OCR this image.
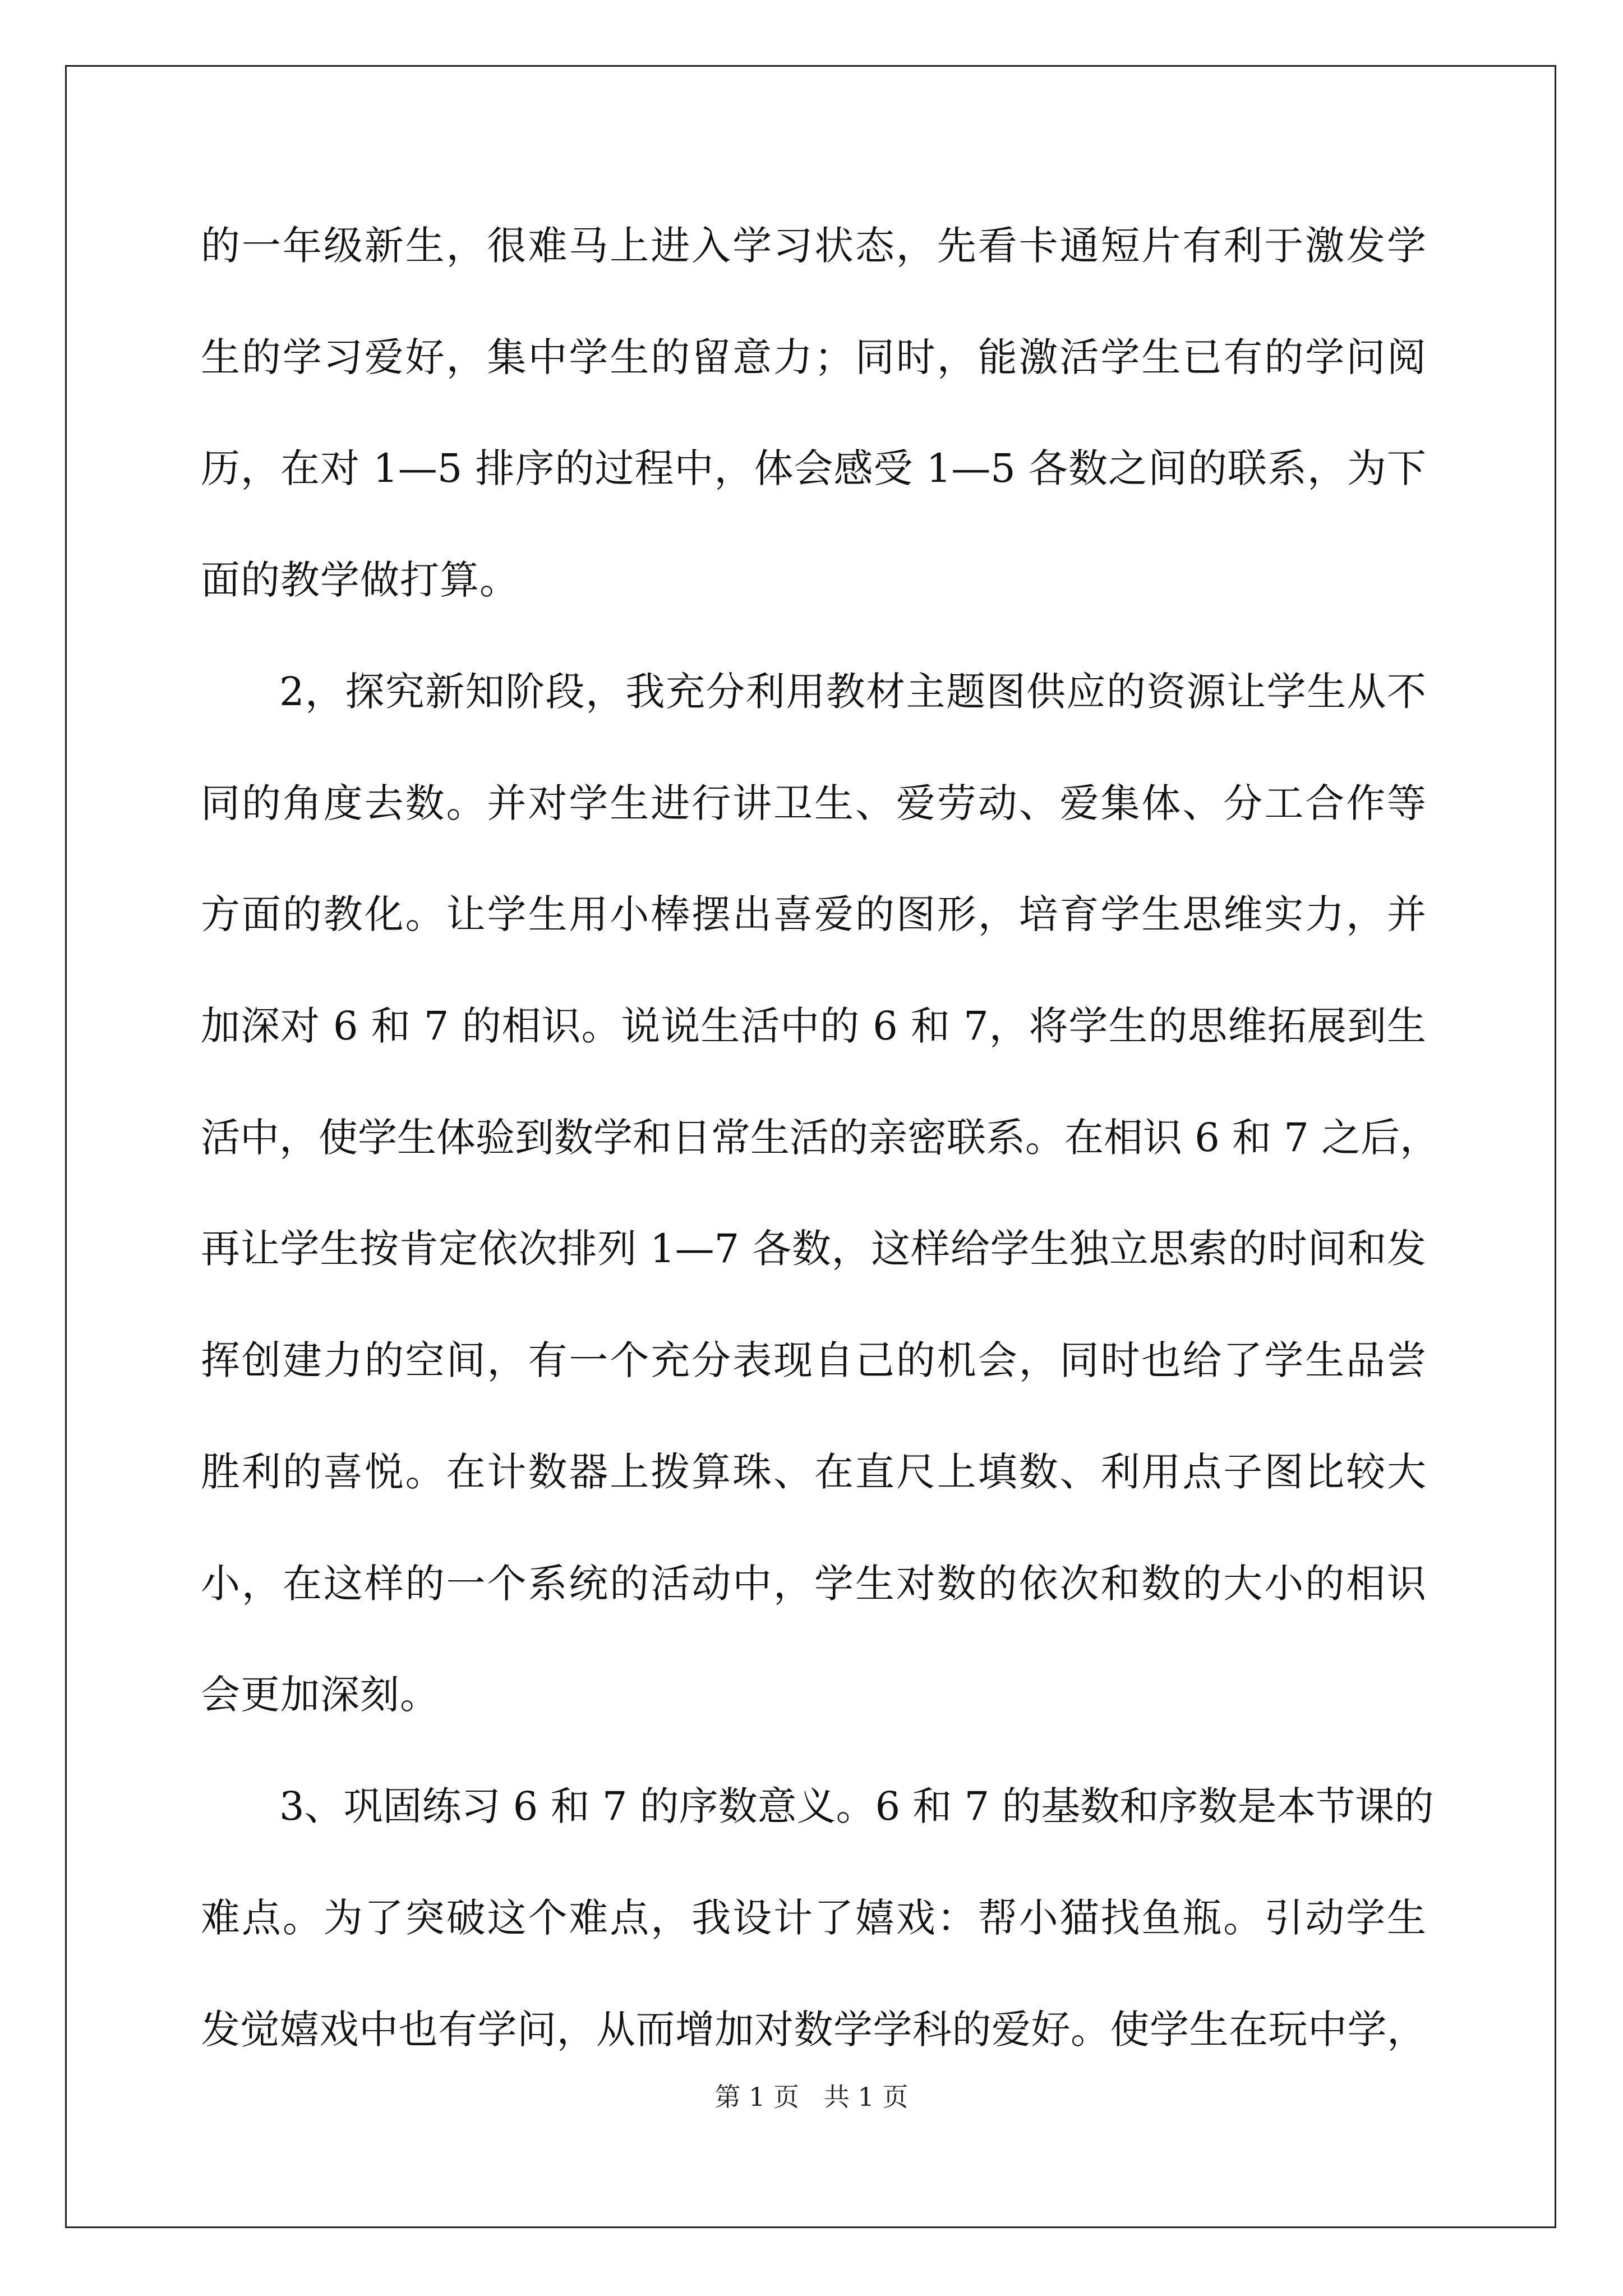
的一年级新生，很难马上进入学习状态，先看卡通短片有利于激发学
生的学习爱好，集中学生的留意力；同时，能激活学生已有的学问阅
历，在对 1—5 排序的过程中，体会感受 1—5 各数之间的联系，为下
面的教学做打算。
2，探究新知阶段，我充分利用教材主题图供应的资源让学生从不
同的角度去数。并对学生进行讲卫生、爱劳动、爱集体、分工合作等
方面的教化。让学生用小棒摆出喜爱的图形，培育学生思维实力，并
加深对 6 和 7 的相识。说说生活中的 6 和 7，将学生的思维拓展到生
活中，使学生体验到数学和日常生活的亲密联系。在相识 6 和 7 之后，
再让学生按肯定依次排列 1—7 各数，这样给学生独立思索的时间和发
挥创建力的空间，有一个充分表现自己的机会，同时也给了学生品尝
胜利的喜悦。在计数器上拨算珠、在直尺上填数、利用点子图比较大
小，在这样的一个系统的活动中，学生对数的依次和数的大小的相识
会更加深刻。
3、巩固练习 6 和 7 的序数意义。6 和 7 的基数和序数是本节课的
难点。为了突破这个难点，我设计了嬉戏：帮小猫找鱼瓶。引动学生
发觉嬉戏中也有学问，从而增加对数学学科的爱好。使学生在玩中学，
第 1 页   共 1 页
